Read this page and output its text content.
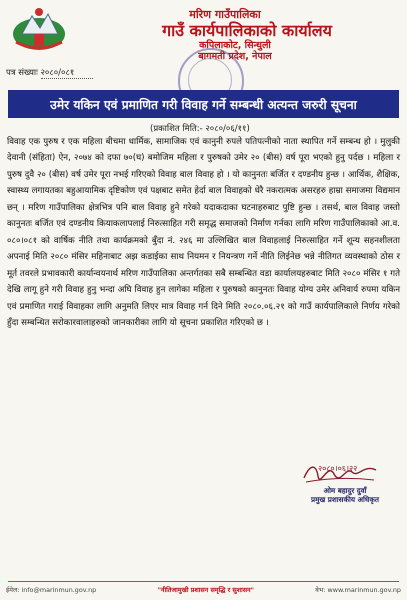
मरिण गाउँपालिका
गाउँ कार्यपालिकाको कार्यालय
कपिलाकोट, सिन्धुली
बागमती प्रदेश, नेपाल
पत्र संख्याः २०८०/०८१
उमेर यकिन एवं प्रमाणित गरी विवाह गर्ने सम्बन्धी अत्यन्त जरुरी सूचना
(प्रकाशित मिति:- २०८०/०६/११)
विवाह एक पुरुष र एक महिला बीचमा धार्मिक, सामाजिक एवं कानुनी रुपले पतिपत्नीको नाता स्थापित गर्ने सम्बन्ध हो । मुलुकी देवानी (संहिता) ऐन, २०७४ को दफा ७०(घ) बमोजिम महिला र पुरुषको उमेर २० (बीस) वर्ष पूरा भएको हुनु पर्दछ । महिला र पुरुष दुवै २० (बीस) वर्ष उमेर पूरा नभई गरिएको विवाह बाल विवाह हो । यो कानुनतः बर्जित र दण्डनीय हुन्छ । आर्थिक, शैक्षिक, स्वास्थ्य लगायतका बहुआयामिक दृष्टिकोण एवं पक्षबाट समेत हेर्दा बाल विवाहको धेरै नकरात्मक असरहरु हाम्रा समाजमा विद्यमान छन् । मरिण गाउँपालिका क्षेत्रभित्र पनि बाल विवाह हुने गरेको यदाकदाका घटनाहरुबाट पुष्टि हुन्छ । तसर्थ, बाल विवाह जस्तो कानुनतः बर्जित एवं दण्डनीय कियाकलापलाई निरुत्साहित गरी समृद्ध समाजको निर्माण गर्नका लागि मरिण गाउँपालिकाको आ.व. ०८०।०८१ को वार्षिक नीति तथा कार्यक्रमको बुँदा नं. २४६ मा उल्लिखित बाल विवाहलाई निरुत्साहित गर्ने शून्य सहनशीलता अपनाई मिति २०८० मंसिर महिनाबाट अझ कडाईका साथ नियमन र नियन्त्रण गर्ने नीति लिईनेछ भन्ने नीतिगत व्यवस्थाको ठोस र मूर्त तवरले प्रभावकारी कार्यान्वयनार्थ मरिण गाउँपालिका अन्तर्गतका सबै सम्बन्धित वडा कार्यालयहरुबाट मिति २०८० मंसिर १ गते देखि लागू हुने गरी विवाह हुनु भन्दा अघि विवाह हुन लागेका महिला र पुरुषको कानुनतः विवाह योग्य उमेर अनिवार्य रुपमा यकिन एवं प्रमाणित गराई विवाहका लागि अनुमति लिएर मात्र विवाह गर्न दिने मिति २०८०.०६.२१ को गाउँ कार्यपालिकाले निर्णय गरेको हुँदा सम्बन्धित सरोकारवालाहरुको जानकारीका लागि यो सूचना प्रकाशित गरिएको छ ।
२०८०।०६।२२
ओम बहादुर दुवाँ
प्रमुख प्रशासकीय अधिकृत
ईमेल: info@marinmun.gov.np	"नीतिजामुखी प्रशासन समृद्धि र सुशासन"	वेभ: www.marinmun.gov.np
